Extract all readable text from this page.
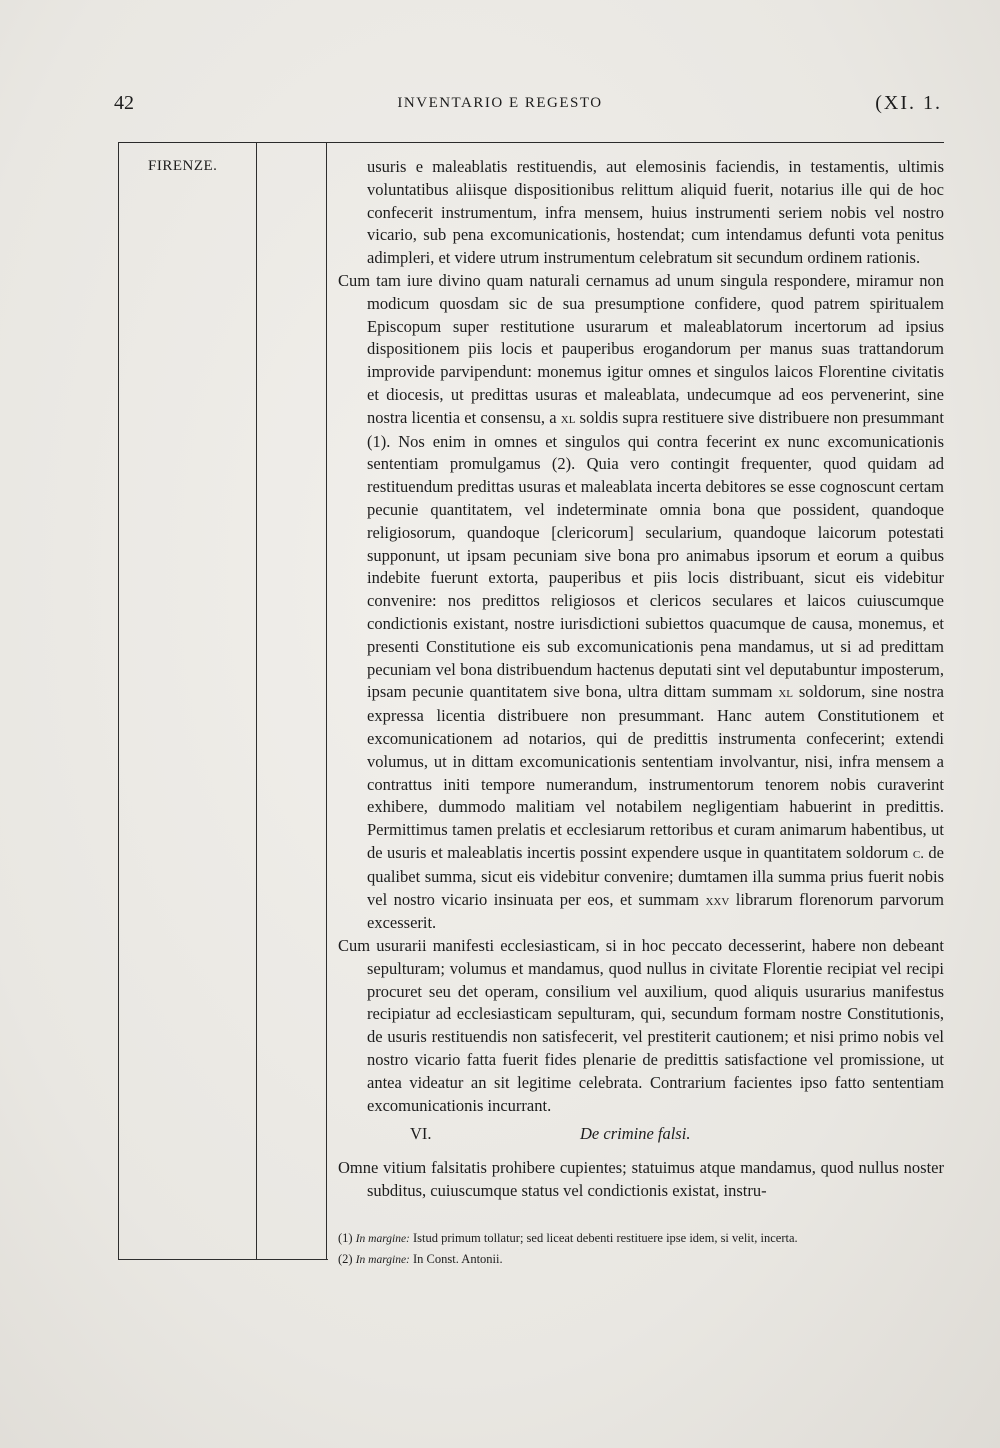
42	INVENTARIO E REGESTO	(XI. 1.
FIRENZE.	usuris e maleablatis restituendis, aut elemosinis faciendis, in testamentis, ultimis voluntatibus aliisque dispositionibus relittum aliquid fuerit, notarius ille qui de hoc confecerit instrumentum, infra mensem, huius instrumenti seriem nobis vel nostro vicario, sub pena excomunicationis, hostendat; cum intendamus defunti vota penitus adimpleri, et videre utrum instrumentum celebratum sit secundum ordinem rationis.

Cum tam iure divino quam naturali cernamus ad unum singula respondere, miramur non modicum quosdam sic de sua presumptione confidere, quod patrem spiritualem Episcopum super restitutione usurarum et maleablatorum incertorum ad ipsius dispositionem piis locis et pauperibus erogandorum per manus suas trattandorum improvide parvipendunt: monemus igitur omnes et singulos laicos Florentine civitatis et diocesis, ut predittas usuras et maleablata, undecumque ad eos pervenerint, sine nostra licentia et consensu, a xl soldis supra restituere sive distribuere non presummant (1). Nos enim in omnes et singulos qui contra fecerint ex nunc excomunicationis sententiam promulgamus (2). Quia vero contingit frequenter, quod quidam ad restituendum predittas usuras et maleablata incerta debitores se esse cognoscunt certam pecunie quantitatem, vel indeterminate omnia bona que possident, quandoque religiosorum, quandoque [clericorum] secularium, quandoque laicorum potestati supponunt, ut ipsam pecuniam sive bona pro animabus ipsorum et eorum a quibus indebite fuerunt extorta, pauperibus et piis locis distribuant, sicut eis videbitur convenire: nos predittos religiosos et clericos seculares et laicos cuiuscumque condictionis existant, nostre iurisdictioni subiettos quacumque de causa, monemus, et presenti Constitutione eis sub excomunicationis pena mandamus, ut si ad predittam pecuniam vel bona distribuendum hactenus deputati sint vel deputabuntur imposterum, ipsam pecunie quantitatem sive bona, ultra dittam summam xl soldorum, sine nostra expressa licentia distribuere non presummant. Hanc autem Constitutionem et excomunicationem ad notarios, qui de predittis instrumenta confecerint; extendi volumus, ut in dittam excomunicationis sententiam involvantur, nisi, infra mensem a contrattus initi tempore numerandum, instrumentorum tenorem nobis curaverint exhibere, dummodo malitiam vel notabilem negligentiam habuerint in predittis. Permittimus tamen prelatis et ecclesiarum rettoribus et curam animarum habentibus, ut de usuris et maleablatis incertis possint expendere usque in quantitatem soldorum c. de qualibet summa, sicut eis videbitur convenire; dumtamen illa summa prius fuerit nobis vel nostro vicario insinuata per eos, et summam xxv librarum florenorum parvorum excesserit.

Cum usurarii manifesti ecclesiasticam, si in hoc peccato decesserint, habere non debeant sepulturam; volumus et mandamus, quod nullus in civitate Florentie recipiat vel recipi procuret seu det operam, consilium vel auxilium, quod aliquis usurarius manifestus recipiatur ad ecclesiasticam sepulturam, qui, secundum formam nostre Constitutionis, de usuris restituendis non satisfecerit, vel prestiterit cautionem; et nisi primo nobis vel nostro vicario fatta fuerit fides plenarie de predittis satisfactione vel promissione, ut antea videatur an sit legitime celebrata. Contrarium facientes ipso fatto sententiam excomunicationis incurrant.

VI.	De crimine falsi.

Omne vitium falsitatis prohibere cupientes; statuimus atque mandamus, quod nullus noster subditus, cuiuscumque status vel condictionis existat, instru-

(1) In margine: Istud primum tollatur; sed liceat debenti restituere ipse idem, si velit, incerta.
(2) In margine: In Const. Antonii.
